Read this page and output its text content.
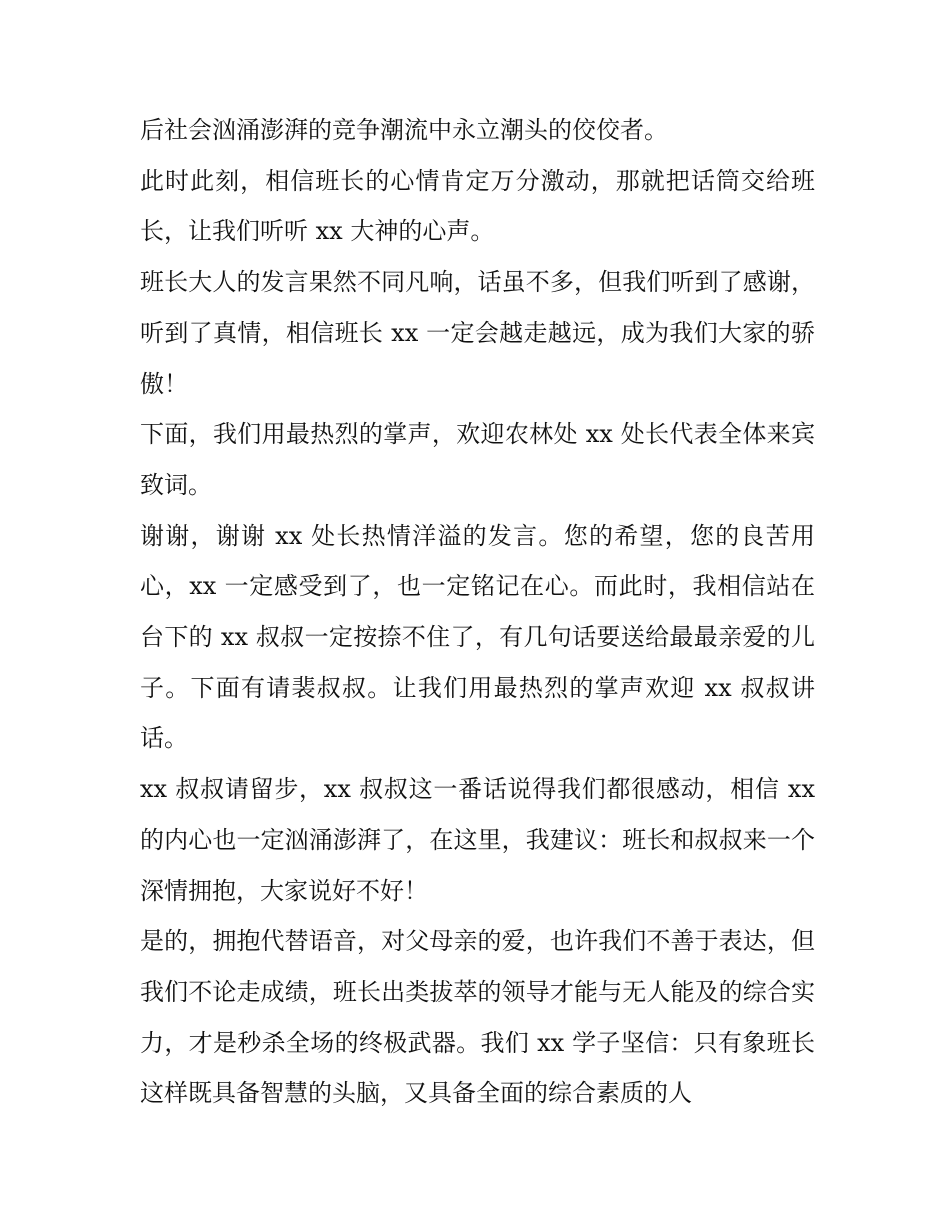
后社会汹涌澎湃的竞争潮流中永立潮头的佼佼者。

此时此刻，相信班长的心情肯定万分激动，那就把话筒交给班长，让我们听听 xx 大神的心声。

班长大人的发言果然不同凡响，话虽不多，但我们听到了感谢，听到了真情，相信班长 xx 一定会越走越远，成为我们大家的骄傲！

下面，我们用最热烈的掌声，欢迎农林处 xx 处长代表全体来宾致词。

谢谢，谢谢 xx 处长热情洋溢的发言。您的希望，您的良苦用心，xx 一定感受到了，也一定铭记在心。而此时，我相信站在台下的 xx 叔叔一定按捺不住了，有几句话要送给最最亲爱的儿子。下面有请裴叔叔。让我们用最热烈的掌声欢迎 xx 叔叔讲话。

xx 叔叔请留步，xx 叔叔这一番话说得我们都很感动，相信 xx 的内心也一定汹涌澎湃了，在这里，我建议：班长和叔叔来一个深情拥抱，大家说好不好！

是的，拥抱代替语音，对父母亲的爱，也许我们不善于表达，但我们不论走成绩，班长出类拔萃的领导才能与无人能及的综合实力，才是秒杀全场的终极武器。我们 xx 学子坚信：只有象班长这样既具备智慧的头脑，又具备全面的综合素质的人
